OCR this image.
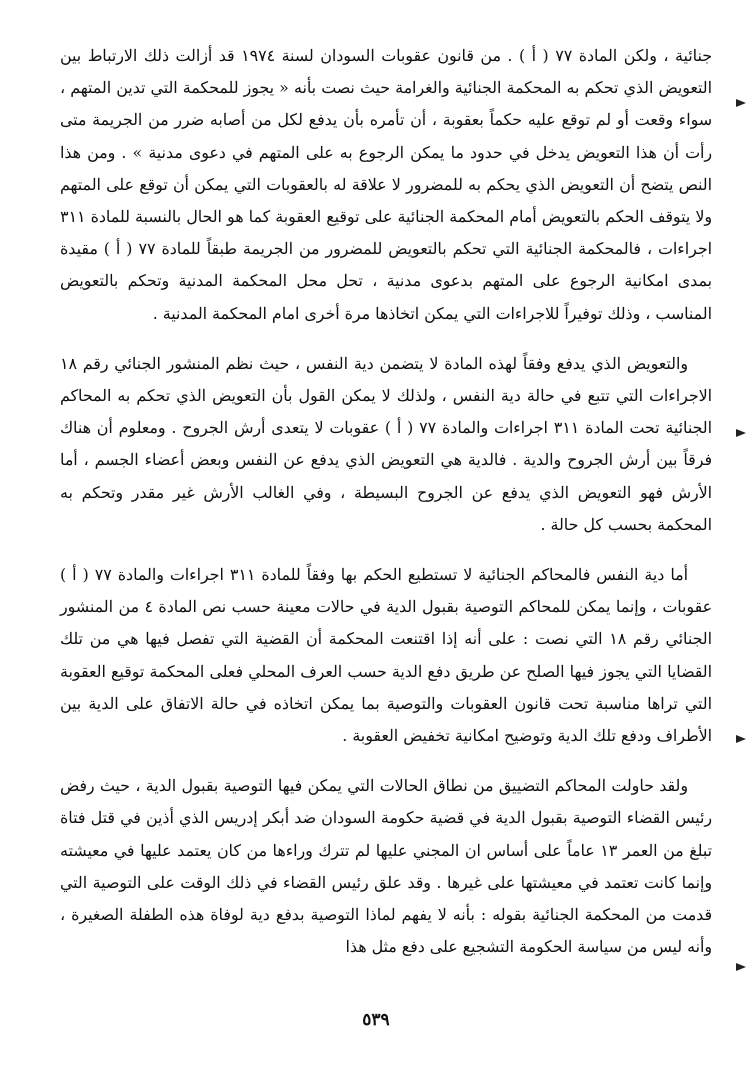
جنائية ، ولكن المادة ٧٧ ( أ ) . من قانون عقوبات السودان لسنة ١٩٧٤ قد أزالت ذلك الارتباط بين التعويض الذي تحكم به المحكمة الجنائية والغرامة حيث نصت بأنه « يجوز للمحكمة التي تدين المتهم ، سواء وقعت أو لم توقع عليه حكماً بعقوبة ، أن تأمره بأن يدفع لكل من أصابه ضرر من الجريمة متى رأت أن هذا التعويض يدخل في حدود ما يمكن الرجوع به على المتهم في دعوى مدنية » . ومن هذا النص يتضح أن التعويض الذي يحكم به للمضرور لا علاقة له بالعقوبات التي يمكن أن توقع على المتهم ولا يتوقف الحكم بالتعويض أمام المحكمة الجنائية على توقيع العقوبة كما هو الحال بالنسبة للمادة ٣١١ اجراءات ، فالمحكمة الجنائية التي تحكم بالتعويض للمضرور من الجريمة طبقاً للمادة ٧٧ ( أ ) مقيدة بمدى امكانية الرجوع على المتهم بدعوى مدنية ، تحل محل المحكمة المدنية وتحكم بالتعويض المناسب ، وذلك توفيراً للاجراءات التي يمكن اتخاذها مرة أخرى امام المحكمة المدنية .

والتعويض الذي يدفع وفقاً لهذه المادة لا يتضمن دية النفس ، حيث نظم المنشور الجنائي رقم ١٨ الاجراءات التي تتبع في حالة دية النفس ، ولذلك لا يمكن القول بأن التعويض الذي تحكم به المحاكم الجنائية تحت المادة ٣١١ اجراءات والمادة ٧٧ ( أ ) عقوبات لا يتعدى أرش الجروح . ومعلوم أن هناك فرقاً بين أرش الجروح والدية . فالدية هي التعويض الذي يدفع عن النفس وبعض أعضاء الجسم ، أما الأرش فهو التعويض الذي يدفع عن الجروح البسيطة ، وفي الغالب الأرش غير مقدر وتحكم به المحكمة بحسب كل حالة .

أما دية النفس فالمحاكم الجنائية لا تستطيع الحكم بها وفقاً للمادة ٣١١ اجراءات والمادة ٧٧ ( أ ) عقوبات ، وإنما يمكن للمحاكم التوصية بقبول الدية في حالات معينة حسب نص المادة ٤ من المنشور الجنائي رقم ١٨ التي نصت : على أنه إذا اقتنعت المحكمة أن القضية التي تفصل فيها هي من تلك القضايا التي يجوز فيها الصلح عن طريق دفع الدية حسب العرف المحلي فعلى المحكمة توقيع العقوبة التي تراها مناسبة تحت قانون العقوبات والتوصية بما يمكن اتخاذه في حالة الاتفاق على الدية بين الأطراف ودفع تلك الدية وتوضيح امكانية تخفيض العقوبة .

ولقد حاولت المحاكم التضييق من نطاق الحالات التي يمكن فيها التوصية بقبول الدية ، حيث رفض رئيس القضاء التوصية بقبول الدية في قضية حكومة السودان ضد أبكر إدريس الذي أذين في قتل فتاة تبلغ من العمر ١٣ عاماً على أساس ان المجني عليها لم تترك وراءها من كان يعتمد عليها في معيشته وإنما كانت تعتمد في معيشتها على غيرها . وقد علق رئيس القضاء في ذلك الوقت على التوصية التي قدمت من المحكمة الجنائية بقوله : بأنه لا يفهم لماذا التوصية بدفع دية لوفاة هذه الطفلة الصغيرة ، وأنه ليس من سياسة الحكومة التشجيع على دفع مثل هذا

٥٣٩
